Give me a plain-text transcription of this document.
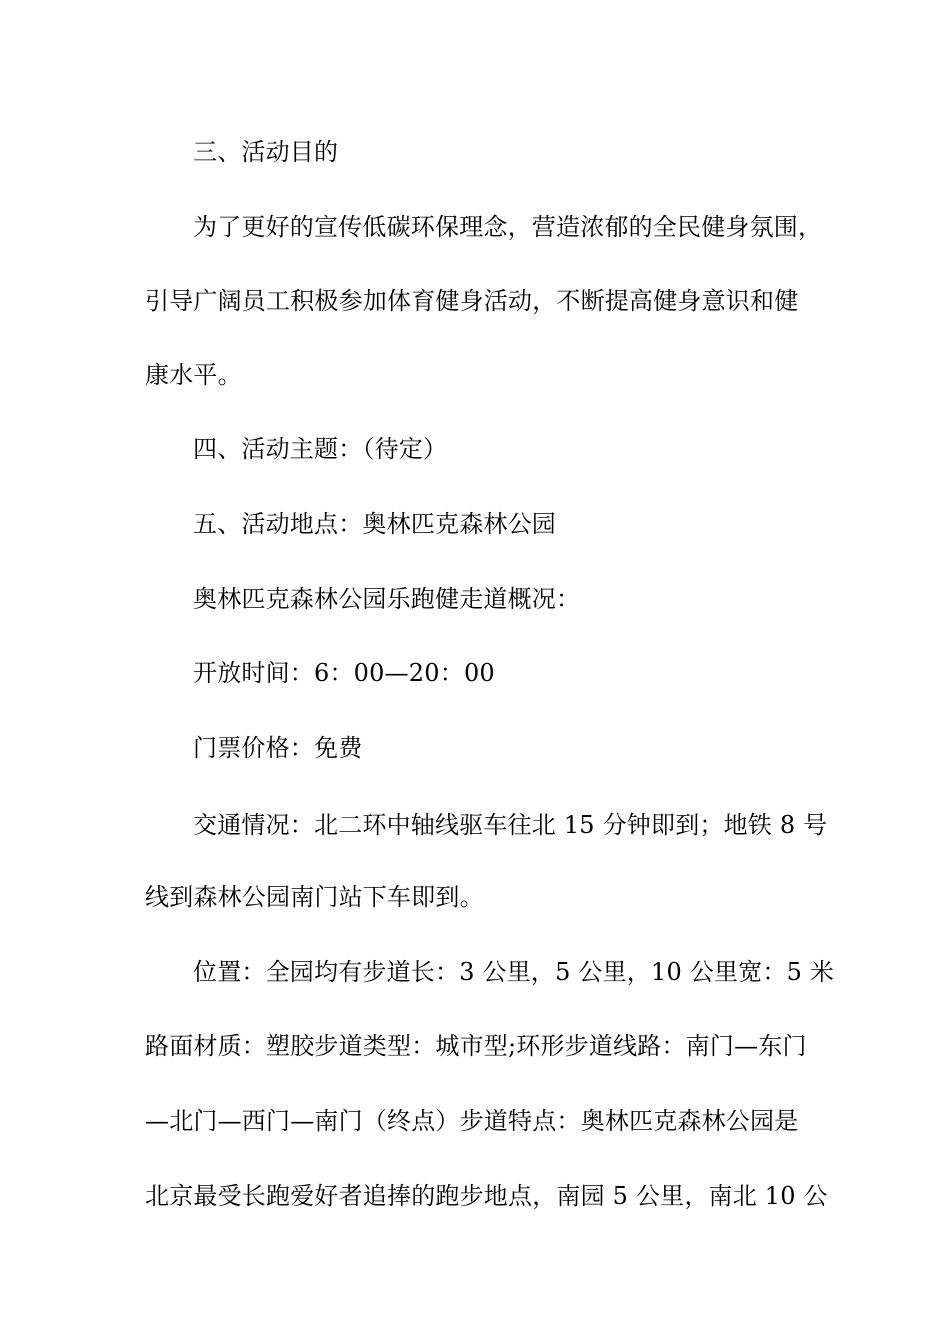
三、活动目的
为了更好的宣传低碳环保理念，营造浓郁的全民健身氛围，
引导广阔员工积极参加体育健身活动，不断提高健身意识和健
康水平。
四、活动主题：（待定）
五、活动地点：奥林匹克森林公园
奥林匹克森林公园乐跑健走道概况：
开放时间：6：00—20：00
门票价格：免费
交通情况：北二环中轴线驱车往北 15 分钟即到；地铁 8 号
线到森林公园南门站下车即到。
位置：全园均有步道长：3 公里，5 公里，10 公里宽：5 米
路面材质：塑胶步道类型：城市型;环形步道线路：南门—东门
—北门—西门—南门（终点）步道特点：奥林匹克森林公园是
北京最受长跑爱好者追捧的跑步地点，南园 5 公里，南北 10 公
